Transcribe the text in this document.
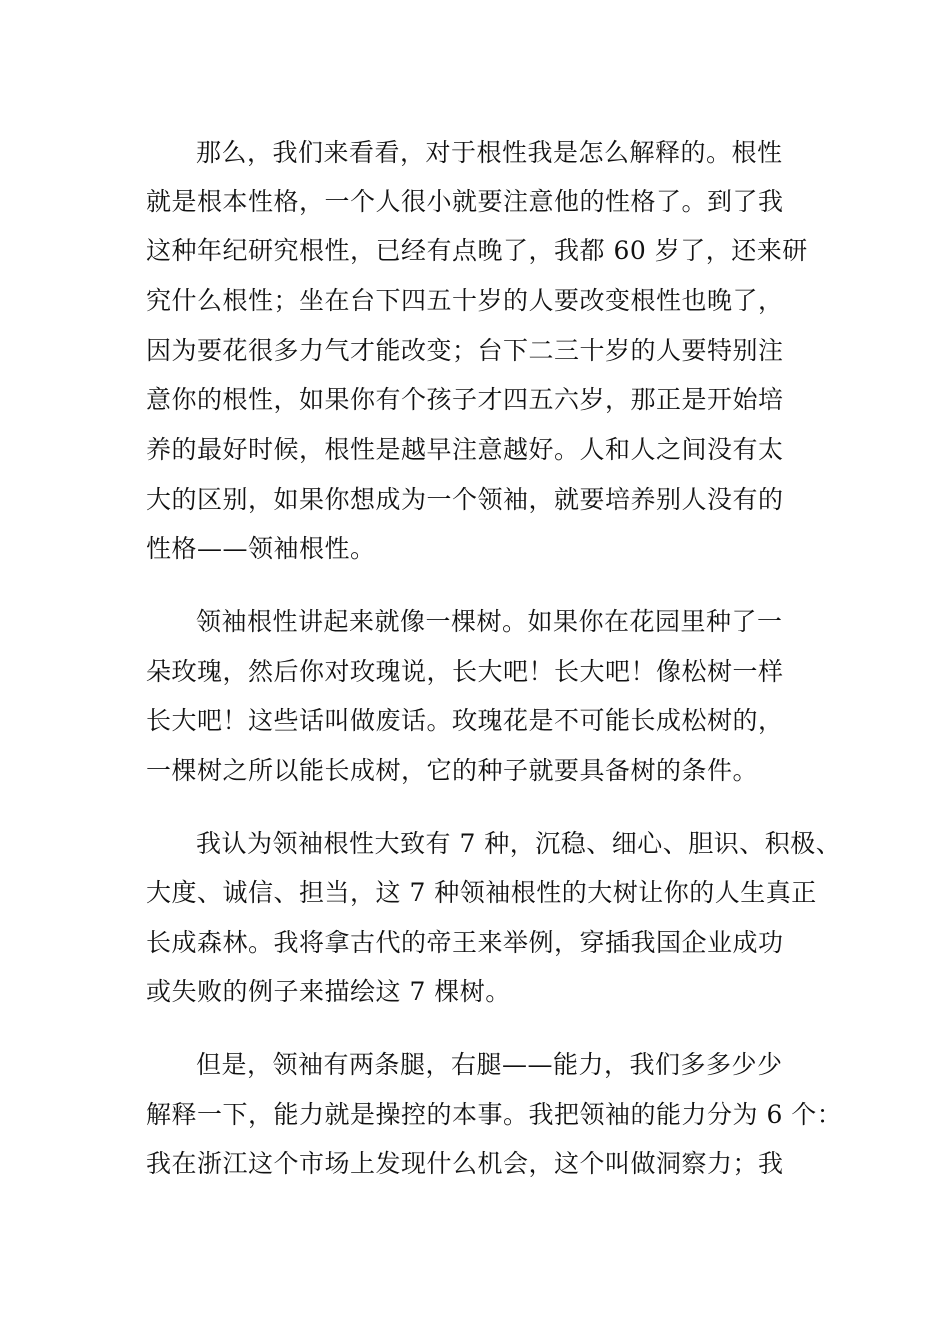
那么，我们来看看，对于根性我是怎么解释的。根性
就是根本性格，一个人很小就要注意他的性格了。到了我
这种年纪研究根性，已经有点晚了，我都 60 岁了，还来研
究什么根性；坐在台下四五十岁的人要改变根性也晚了，
因为要花很多力气才能改变；台下二三十岁的人要特别注
意你的根性，如果你有个孩子才四五六岁，那正是开始培
养的最好时候，根性是越早注意越好。人和人之间没有太
大的区别，如果你想成为一个领袖，就要培养别人没有的
性格——领袖根性。
领袖根性讲起来就像一棵树。如果你在花园里种了一
朵玫瑰，然后你对玫瑰说，长大吧！长大吧！像松树一样
长大吧！这些话叫做废话。玫瑰花是不可能长成松树的，
一棵树之所以能长成树，它的种子就要具备树的条件。
我认为领袖根性大致有 7 种，沉稳、细心、胆识、积极、
大度、诚信、担当，这 7 种领袖根性的大树让你的人生真正
长成森林。我将拿古代的帝王来举例，穿插我国企业成功
或失败的例子来描绘这 7 棵树。
但是，领袖有两条腿，右腿——能力，我们多多少少
解释一下，能力就是操控的本事。我把领袖的能力分为 6 个：
我在浙江这个市场上发现什么机会，这个叫做洞察力；我
